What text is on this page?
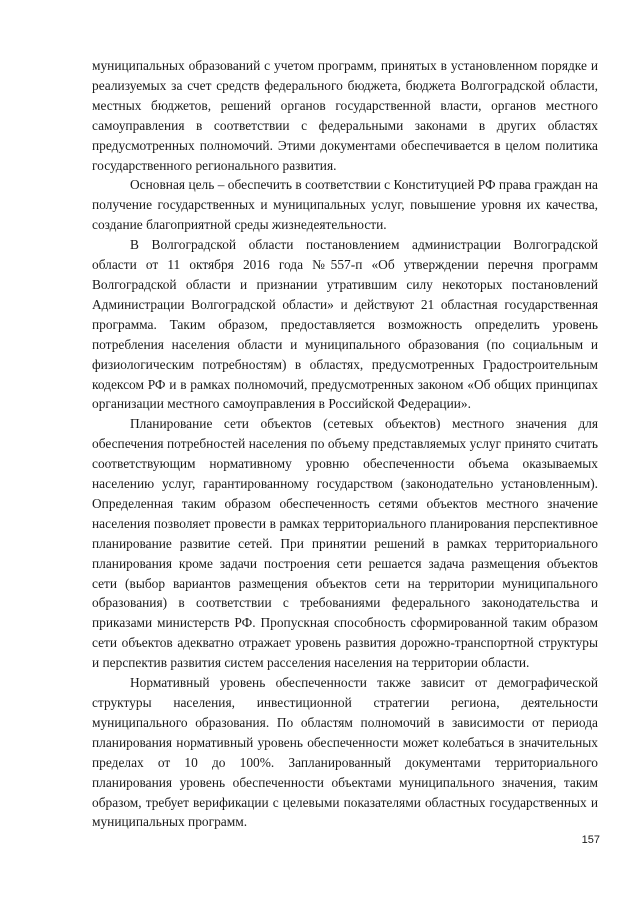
муниципальных образований с учетом программ, принятых в установленном порядке и реализуемых за счет средств федерального бюджета, бюджета Волгоградской области, местных бюджетов, решений органов государственной власти, органов местного самоуправления в соответствии с федеральными законами в других областях предусмотренных полномочий. Этими документами обеспечивается в целом политика государственного регионального развития.

Основная цель – обеспечить в соответствии с Конституцией РФ права граждан на получение государственных и муниципальных услуг, повышение уровня их качества, создание благоприятной среды жизнедеятельности.

В Волгоградской области постановлением администрации Волгоградской области от 11 октября 2016 года №557-п «Об утверждении перечня программ Волгоградской области и признании утратившим силу некоторых постановлений Администрации Волгоградской области» и действуют 21 областная государственная программа. Таким образом, предоставляется возможность определить уровень потребления населения области и муниципального образования (по социальным и физиологическим потребностям) в областях, предусмотренных Градостроительным кодексом РФ и в рамках полномочий, предусмотренных законом «Об общих принципах организации местного самоуправления в Российской Федерации».

Планирование сети объектов (сетевых объектов) местного значения для обеспечения потребностей населения по объему представляемых услуг принято считать соответствующим нормативному уровню обеспеченности объема оказываемых населению услуг, гарантированному государством (законодательно установленным). Определенная таким образом обеспеченность сетями объектов местного значение населения позволяет провести в рамках территориального планирования перспективное планирование развитие сетей. При принятии решений в рамках территориального планирования кроме задачи построения сети решается задача размещения объектов сети (выбор вариантов размещения объектов сети на территории муниципального образования) в соответствии с требованиями федерального законодательства и приказами министерств РФ. Пропускная способность сформированной таким образом сети объектов адекватно отражает уровень развития дорожно-транспортной структуры и перспектив развития систем расселения населения на территории области.

Нормативный уровень обеспеченности также зависит от демографической структуры населения, инвестиционной стратегии региона, деятельности муниципального образования. По областям полномочий в зависимости от периода планирования нормативный уровень обеспеченности может колебаться в значительных пределах от 10 до 100%. Запланированный документами территориального планирования уровень обеспеченности объектами муниципального значения, таким образом, требует верификации с целевыми показателями областных государственных и муниципальных программ.

157
